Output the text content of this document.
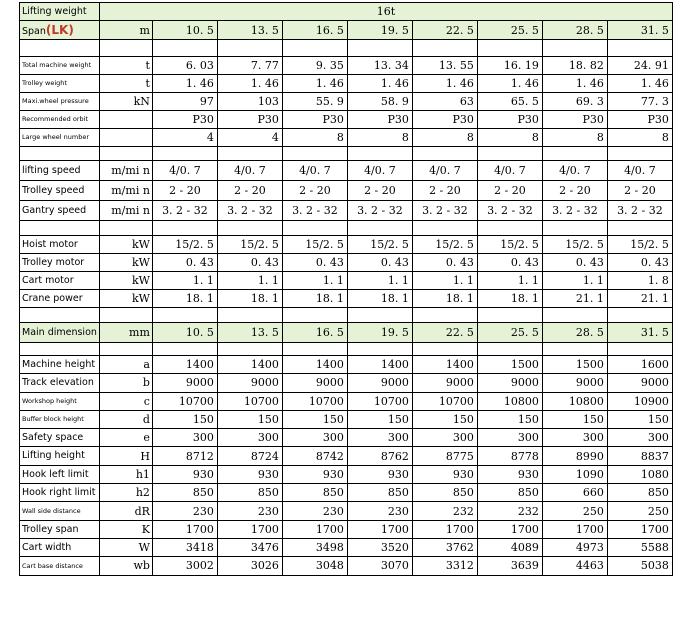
Lifting weight	16t								
Span(LK)	m	10. 5	13. 5	16. 5	19. 5	22. 5	25. 5	28. 5	31. 5

Total machine weight	t	6. 03	7. 77	9. 35	13. 34	13. 55	16. 19	18. 82	24. 91
Trolley weight	t	1. 46	1. 46	1. 46	1. 46	1. 46	1. 46	1. 46	1. 46
Maxi.wheel pressure	kN	97	103	55. 9	58. 9	63	65. 5	69. 3	77. 3
Recommended orbit		P30	P30	P30	P30	P30	P30	P30	P30
Large wheel number		4	4	8	8	8	8	8	8

lifting speed	m/mi n	4/0. 7	4/0. 7	4/0. 7	4/0. 7	4/0. 7	4/0. 7	4/0. 7	4/0. 7
Trolley speed	m/mi n	2 - 20	2 - 20	2 - 20	2 - 20	2 - 20	2 - 20	2 - 20	2 - 20
Gantry speed	m/mi n	3. 2 - 32	3. 2 - 32	3. 2 - 32	3. 2 - 32	3. 2 - 32	3. 2 - 32	3. 2 - 32	3. 2 - 32

Hoist motor	kW	15/2. 5	15/2. 5	15/2. 5	15/2. 5	15/2. 5	15/2. 5	15/2. 5	15/2. 5
Trolley motor	kW	0. 43	0. 43	0. 43	0. 43	0. 43	0. 43	0. 43	0. 43
Cart motor	kW	1. 1	1. 1	1. 1	1. 1	1. 1	1. 1	1. 1	1. 8
Crane power	kW	18. 1	18. 1	18. 1	18. 1	18. 1	18. 1	21. 1	21. 1

Main dimension	mm	10. 5	13. 5	16. 5	19. 5	22. 5	25. 5	28. 5	31. 5

Machine height	a	1400	1400	1400	1400	1400	1500	1500	1600
Track elevation	b	9000	9000	9000	9000	9000	9000	9000	9000
Workshop height	c	10700	10700	10700	10700	10700	10800	10800	10900
Buffer block height	d	150	150	150	150	150	150	150	150
Safety space	e	300	300	300	300	300	300	300	300
Lifting height	H	8712	8724	8742	8762	8775	8778	8990	8837
Hook left limit	h1	930	930	930	930	930	930	1090	1080
Hook right limit	h2	850	850	850	850	850	850	660	850
Wall side distance	dR	230	230	230	230	232	232	250	250
Trolley span	K	1700	1700	1700	1700	1700	1700	1700	1700
Cart width	W	3418	3476	3498	3520	3762	4089	4973	5588
Cart base distance	wb	3002	3026	3048	3070	3312	3639	4463	5038
